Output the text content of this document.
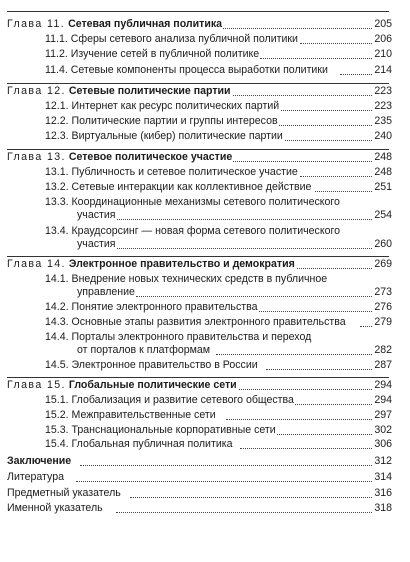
Глава 11. Сетевая публичная политика	205
11.1. Сферы сетевого анализа публичной политики	206
11.2. Изучение сетей в публичной политике	210
11.4. Сетевые компоненты процесса выработки политики	214
Глава 12. Сетевые политические партии	223
12.1. Интернет как ресурс политических партий	223
12.2. Политические партии и группы интересов	235
12.3. Виртуальные (кибер) политические партии	240
Глава 13. Сетевое политическое участие	248
13.1. Публичность и сетевое политическое участие	248
13.2. Сетевые интеракции как коллективное действие	251
13.3. Координационные механизмы сетевого политического
участия	254
13.4. Краудсорсинг — новая форма сетевого политического
участия	260
Глава 14. Электронное правительство и демократия	269
14.1. Внедрение новых технических средств в публичное
управление	273
14.2. Понятие электронного правительства	276
14.3. Основные этапы развития электронного правительства	279
14.4. Порталы электронного правительства и переход
от порталов к платформам	282
14.5. Электронное правительство в России	287
Глава 15. Глобальные политические сети	294
15.1. Глобализация и развитие сетевого общества	294
15.2. Межправительственные сети	297
15.3. Транснациональные корпоративные сети	302
15.4. Глобальная публичная политика	306
Заключение	312
Литература	314
Предметный указатель	316
Именной указатель	318
